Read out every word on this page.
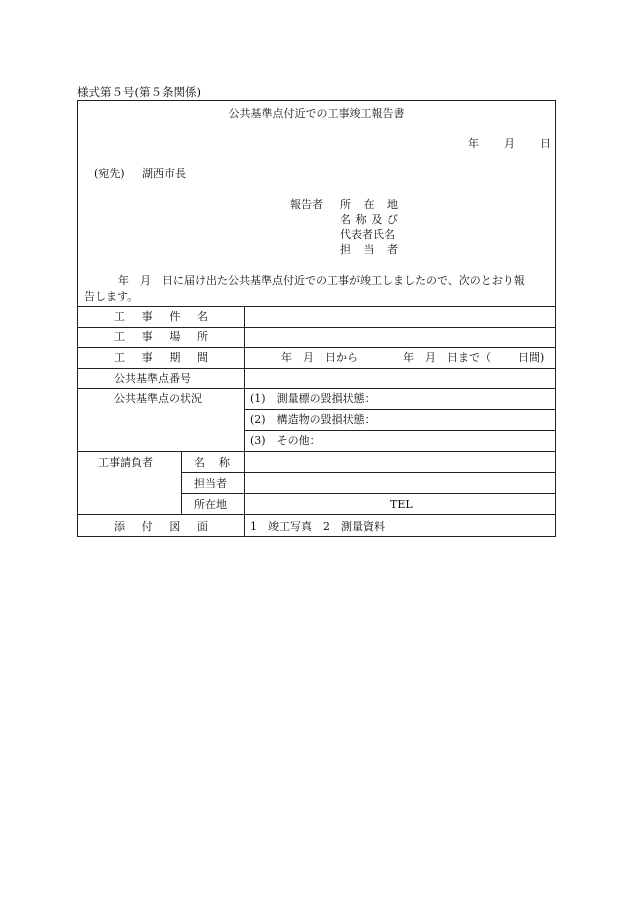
様式第５号(第５条関係)
公共基準点付近での工事竣工報告書
年 月 日
(宛先) 湖西市長
報告者 所 在 地
名 称 及 び
代表者氏名
担 当 者
年　月　日に届け出た公共基準点付近での工事が竣工しましたので、次のとおり報
告します。
工 事 件 名
工 事 場 所
工 事 期 間	年　月　日から	年　月　日まで（ 日間)
公共基準点番号
公共基準点の状況	(1)　測量標の毀損状態：
(2)　構造物の毀損状態：
(3)　その他：
工事請負者	名 称
担当者
所在地	TEL
添 付 図 面	1　竣工写真　2　測量資料
